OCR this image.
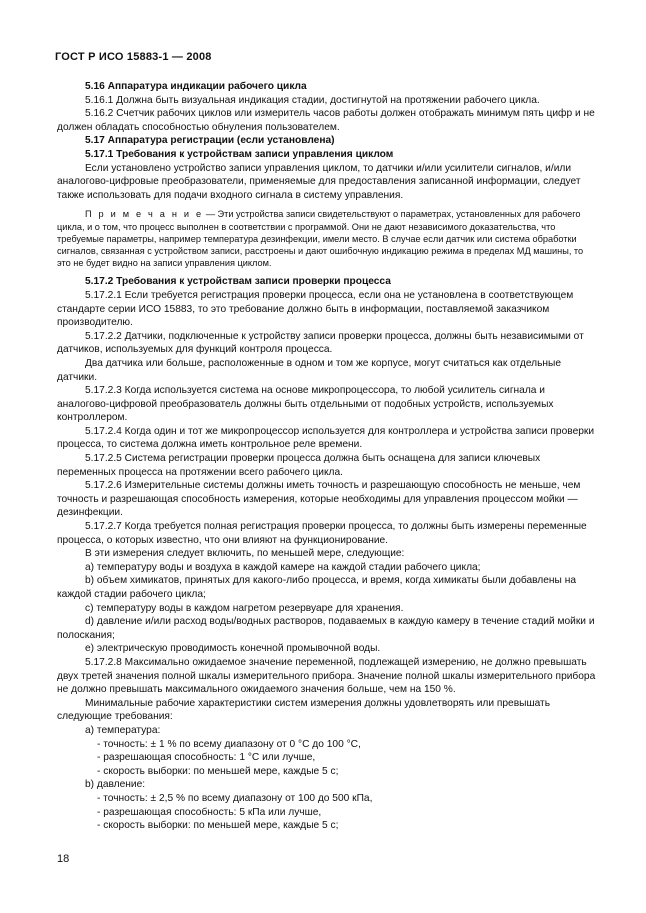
ГОСТ Р ИСО 15883-1 — 2008
5.16 Аппаратура индикации рабочего цикла
5.16.1 Должна быть визуальная индикация стадии, достигнутой на протяжении рабочего цикла.
5.16.2 Счетчик рабочих циклов или измеритель часов работы должен отображать минимум пять цифр и не должен обладать способностью обнуления пользователем.
5.17 Аппаратура регистрации (если установлена)
5.17.1 Требования к устройствам записи управления циклом
Если установлено устройство записи управления циклом, то датчики и/или усилители сигналов, и/или аналогово-цифровые преобразователи, применяемые для предоставления записанной информации, следует также использовать для подачи входного сигнала в систему управления.
П р и м е ч а н и е — Эти устройства записи свидетельствуют о параметрах, установленных для рабочего цикла, и о том, что процесс выполнен в соответствии с программой. Они не дают независимого доказательства, что требуемые параметры, например температура дезинфекции, имели место. В случае если датчик или система обработки сигналов, связанная с устройством записи, расстроены и дают ошибочную индикацию режима в пределах МД машины, то это не будет видно на записи управления циклом.
5.17.2 Требования к устройствам записи проверки процесса
5.17.2.1 Если требуется регистрация проверки процесса, если она не установлена в соответствующем стандарте серии ИСО 15883, то это требование должно быть в информации, поставляемой заказчиком производителю.
5.17.2.2 Датчики, подключенные к устройству записи проверки процесса, должны быть независимыми от датчиков, используемых для функций контроля процесса.
Два датчика или больше, расположенные в одном и том же корпусе, могут считаться как отдельные датчики.
5.17.2.3 Когда используется система на основе микропроцессора, то любой усилитель сигнала и аналогово-цифровой преобразователь должны быть отдельными от подобных устройств, используемых контроллером.
5.17.2.4 Когда один и тот же микропроцессор используется для контроллера и устройства записи проверки процесса, то система должна иметь контрольное реле времени.
5.17.2.5 Система регистрации проверки процесса должна быть оснащена для записи ключевых переменных процесса на протяжении всего рабочего цикла.
5.17.2.6 Измерительные системы должны иметь точность и разрешающую способность не меньше, чем точность и разрешающая способность измерения, которые необходимы для управления процессом мойки — дезинфекции.
5.17.2.7 Когда требуется полная регистрация проверки процесса, то должны быть измерены переменные процесса, о которых известно, что они влияют на функционирование.
В эти измерения следует включить, по меньшей мере, следующие:
a) температуру воды и воздуха в каждой камере на каждой стадии рабочего цикла;
b) объем химикатов, принятых для какого-либо процесса, и время, когда химикаты были добавлены на каждой стадии рабочего цикла;
c) температуру воды в каждом нагретом резервуаре для хранения.
d) давление и/или расход воды/водных растворов, подаваемых в каждую камеру в течение стадий мойки и полоскания;
e) электрическую проводимость конечной промывочной воды.
5.17.2.8 Максимально ожидаемое значение переменной, подлежащей измерению, не должно превышать двух третей значения полной шкалы измерительного прибора. Значение полной шкалы измерительного прибора не должно превышать максимального ожидаемого значения больше, чем на 150 %.
Минимальные рабочие характеристики систем измерения должны удовлетворять или превышать следующие требования:
a) температура:
- точность: ± 1 % по всему диапазону от 0 °C до 100 °C,
- разрешающая способность: 1 °C или лучше,
- скорость выборки: по меньшей мере, каждые 5 с;
b) давление:
- точность: ± 2,5 % по всему диапазону от 100 до 500 кПа,
- разрешающая способность: 5 кПа или лучше,
- скорость выборки: по меньшей мере, каждые 5 с;
18
